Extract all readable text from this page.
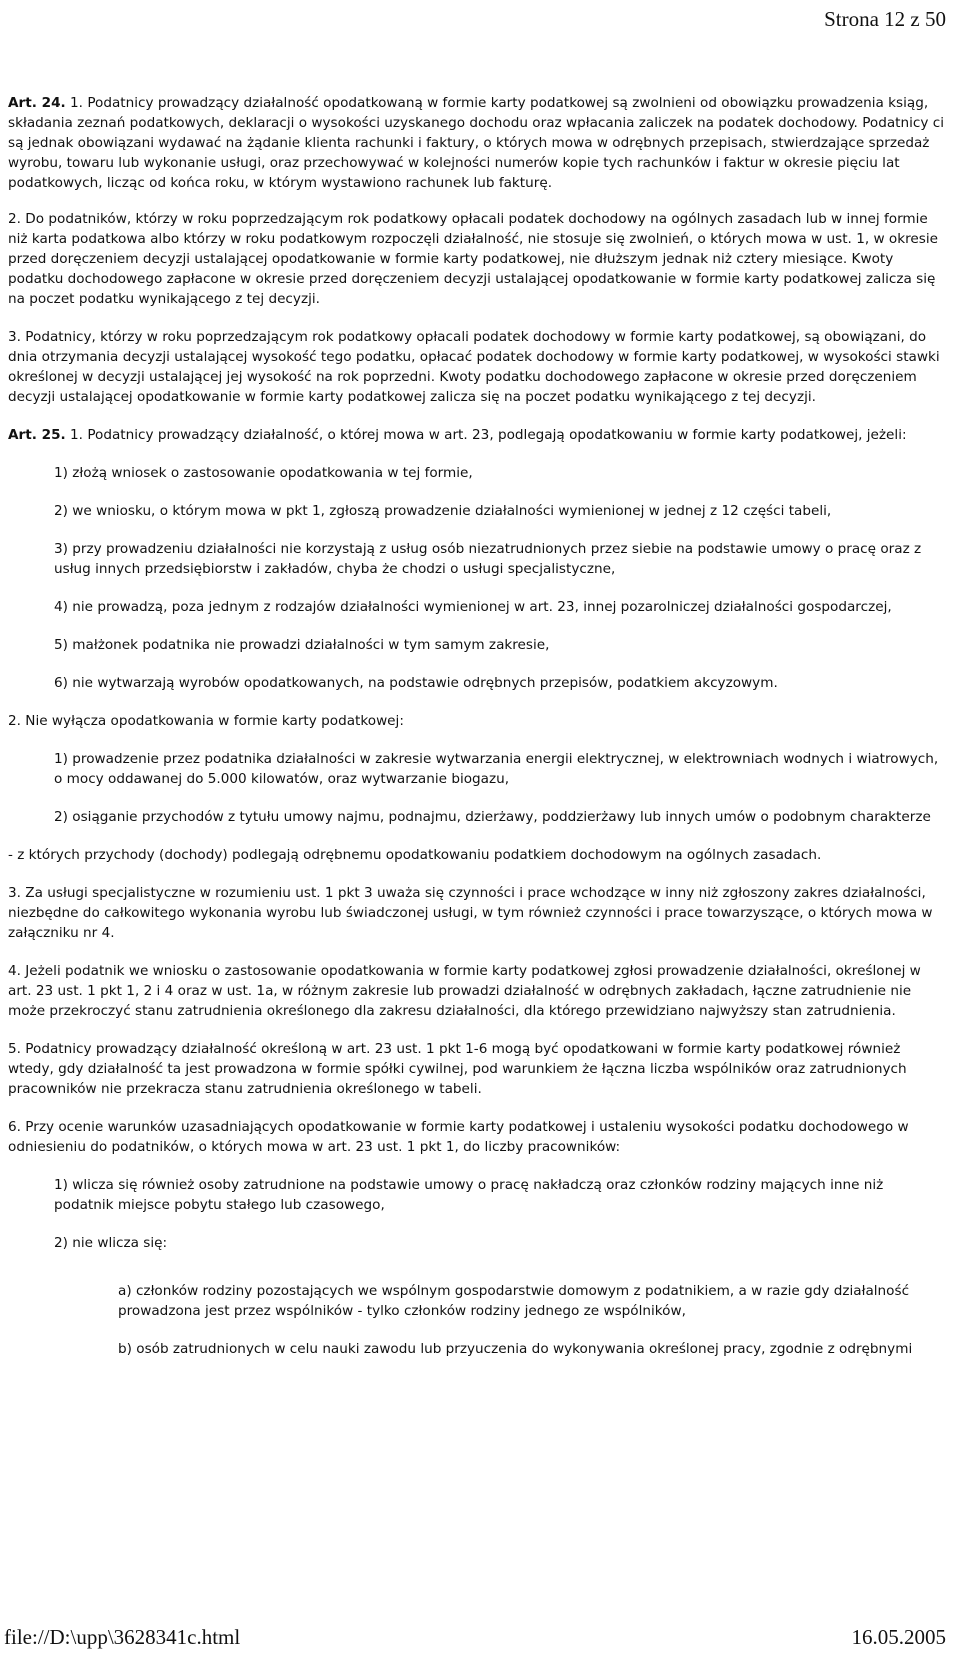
Strona 12 z 50

Art. 24. 1. Podatnicy prowadzący działalność opodatkowaną w formie karty podatkowej są zwolnieni od obowiązku prowadzenia ksiąg, składania zeznań podatkowych, deklaracji o wysokości uzyskanego dochodu oraz wpłacania zaliczek na podatek dochodowy. Podatnicy ci są jednak obowiązani wydawać na żądanie klienta rachunki i faktury, o których mowa w odrębnych przepisach, stwierdzające sprzedaż wyrobu, towaru lub wykonanie usługi, oraz przechowywać w kolejności numerów kopie tych rachunków i faktur w okresie pięciu lat podatkowych, licząc od końca roku, w którym wystawiono rachunek lub fakturę.

2. Do podatników, którzy w roku poprzedzającym rok podatkowy opłacali podatek dochodowy na ogólnych zasadach lub w innej formie niż karta podatkowa albo którzy w roku podatkowym rozpoczęli działalność, nie stosuje się zwolnień, o których mowa w ust. 1, w okresie przed doręczeniem decyzji ustalającej opodatkowanie w formie karty podatkowej, nie dłuższym jednak niż cztery miesiące. Kwoty podatku dochodowego zapłacone w okresie przed doręczeniem decyzji ustalającej opodatkowanie w formie karty podatkowej zalicza się na poczet podatku wynikającego z tej decyzji.

3. Podatnicy, którzy w roku poprzedzającym rok podatkowy opłacali podatek dochodowy w formie karty podatkowej, są obowiązani, do dnia otrzymania decyzji ustalającej wysokość tego podatku, opłacać podatek dochodowy w formie karty podatkowej, w wysokości stawki określonej w decyzji ustalającej jej wysokość na rok poprzedni. Kwoty podatku dochodowego zapłacone w okresie przed doręczeniem decyzji ustalającej opodatkowanie w formie karty podatkowej zalicza się na poczet podatku wynikającego z tej decyzji.

Art. 25. 1. Podatnicy prowadzący działalność, o której mowa w art. 23, podlegają opodatkowaniu w formie karty podatkowej, jeżeli:

1) złożą wniosek o zastosowanie opodatkowania w tej formie,

2) we wniosku, o którym mowa w pkt 1, zgłoszą prowadzenie działalności wymienionej w jednej z 12 części tabeli,

3) przy prowadzeniu działalności nie korzystają z usług osób niezatrudnionych przez siebie na podstawie umowy o pracę oraz z usług innych przedsiębiorstw i zakładów, chyba że chodzi o usługi specjalistyczne,

4) nie prowadzą, poza jednym z rodzajów działalności wymienionej w art. 23, innej pozarolniczej działalności gospodarczej,

5) małżonek podatnika nie prowadzi działalności w tym samym zakresie,

6) nie wytwarzają wyrobów opodatkowanych, na podstawie odrębnych przepisów, podatkiem akcyzowym.

2. Nie wyłącza opodatkowania w formie karty podatkowej:

1) prowadzenie przez podatnika działalności w zakresie wytwarzania energii elektrycznej, w elektrowniach wodnych i wiatrowych, o mocy oddawanej do 5.000 kilowatów, oraz wytwarzanie biogazu,

2) osiąganie przychodów z tytułu umowy najmu, podnajmu, dzierżawy, poddzierżawy lub innych umów o podobnym charakterze

- z których przychody (dochody) podlegają odrębnemu opodatkowaniu podatkiem dochodowym na ogólnych zasadach.

3. Za usługi specjalistyczne w rozumieniu ust. 1 pkt 3 uważa się czynności i prace wchodzące w inny niż zgłoszony zakres działalności, niezbędne do całkowitego wykonania wyrobu lub świadczonej usługi, w tym również czynności i prace towarzyszące, o których mowa w załączniku nr 4.

4. Jeżeli podatnik we wniosku o zastosowanie opodatkowania w formie karty podatkowej zgłosi prowadzenie działalności, określonej w art. 23 ust. 1 pkt 1, 2 i 4 oraz w ust. 1a, w różnym zakresie lub prowadzi działalność w odrębnych zakładach, łączne zatrudnienie nie może przekroczyć stanu zatrudnienia określonego dla zakresu działalności, dla którego przewidziano najwyższy stan zatrudnienia.

5. Podatnicy prowadzący działalność określoną w art. 23 ust. 1 pkt 1-6 mogą być opodatkowani w formie karty podatkowej również wtedy, gdy działalność ta jest prowadzona w formie spółki cywilnej, pod warunkiem że łączna liczba wspólników oraz zatrudnionych pracowników nie przekracza stanu zatrudnienia określonego w tabeli.

6. Przy ocenie warunków uzasadniających opodatkowanie w formie karty podatkowej i ustaleniu wysokości podatku dochodowego w odniesieniu do podatników, o których mowa w art. 23 ust. 1 pkt 1, do liczby pracowników:

1) wlicza się również osoby zatrudnione na podstawie umowy o pracę nakładczą oraz członków rodziny mających inne niż podatnik miejsce pobytu stałego lub czasowego,

2) nie wlicza się:

a) członków rodziny pozostających we wspólnym gospodarstwie domowym z podatnikiem, a w razie gdy działalność prowadzona jest przez wspólników - tylko członków rodziny jednego ze wspólników,

b) osób zatrudnionych w celu nauki zawodu lub przyuczenia do wykonywania określonej pracy, zgodnie z odrębnymi

file://D:\upp\3628341c.html	16.05.2005
